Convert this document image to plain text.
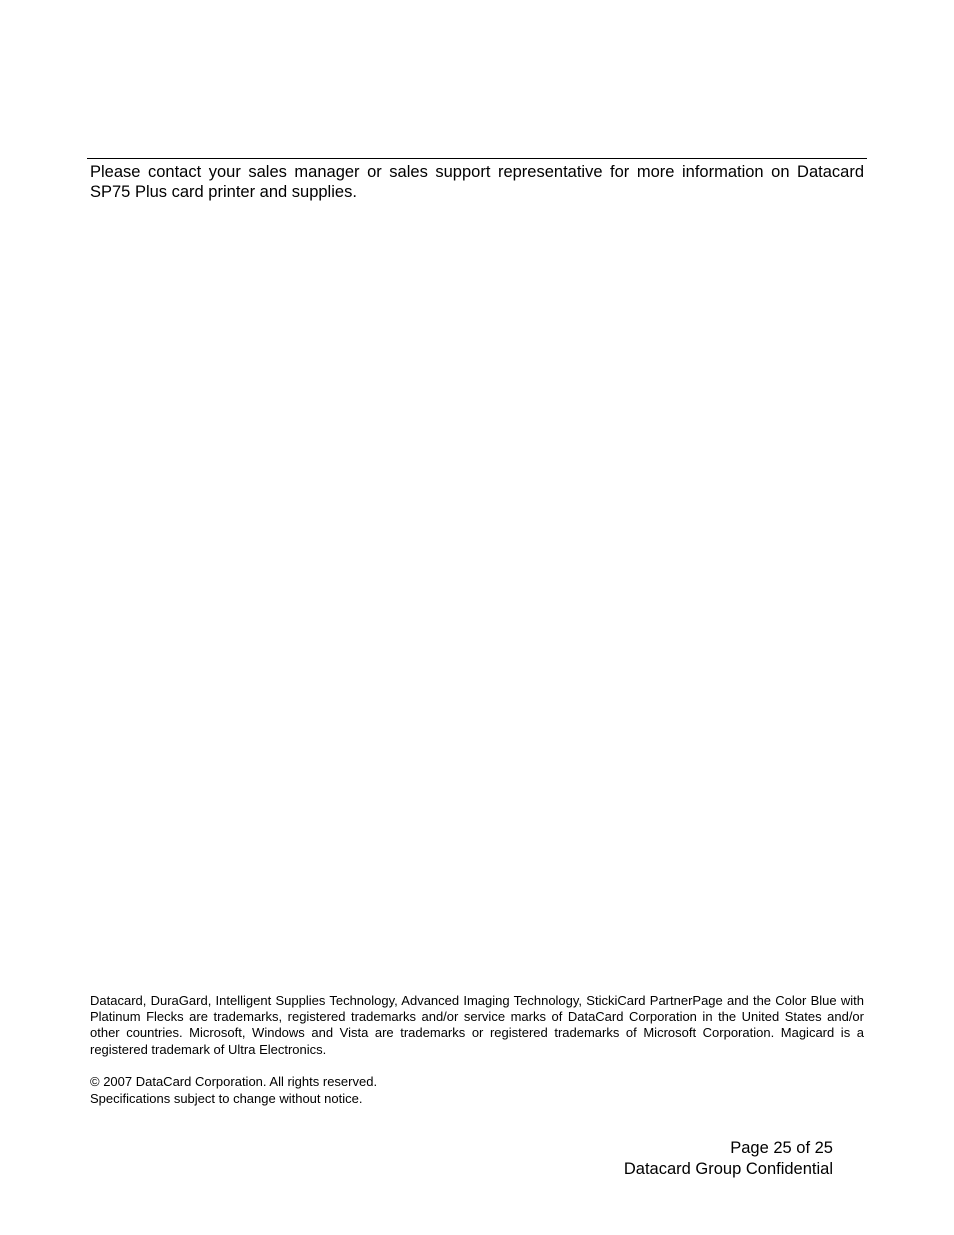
Please contact your sales manager or sales support representative for more information on Datacard SP75 Plus card printer and supplies.

Datacard, DuraGard, Intelligent Supplies Technology, Advanced Imaging Technology, StickiCard PartnerPage and the Color Blue with Platinum Flecks are trademarks, registered trademarks and/or service marks of DataCard Corporation in the United States and/or other countries. Microsoft, Windows and Vista are trademarks or registered trademarks of Microsoft Corporation. Magicard is a registered trademark of Ultra Electronics.

© 2007 DataCard Corporation. All rights reserved.
Specifications subject to change without notice.
Page 25 of 25
Datacard Group Confidential
